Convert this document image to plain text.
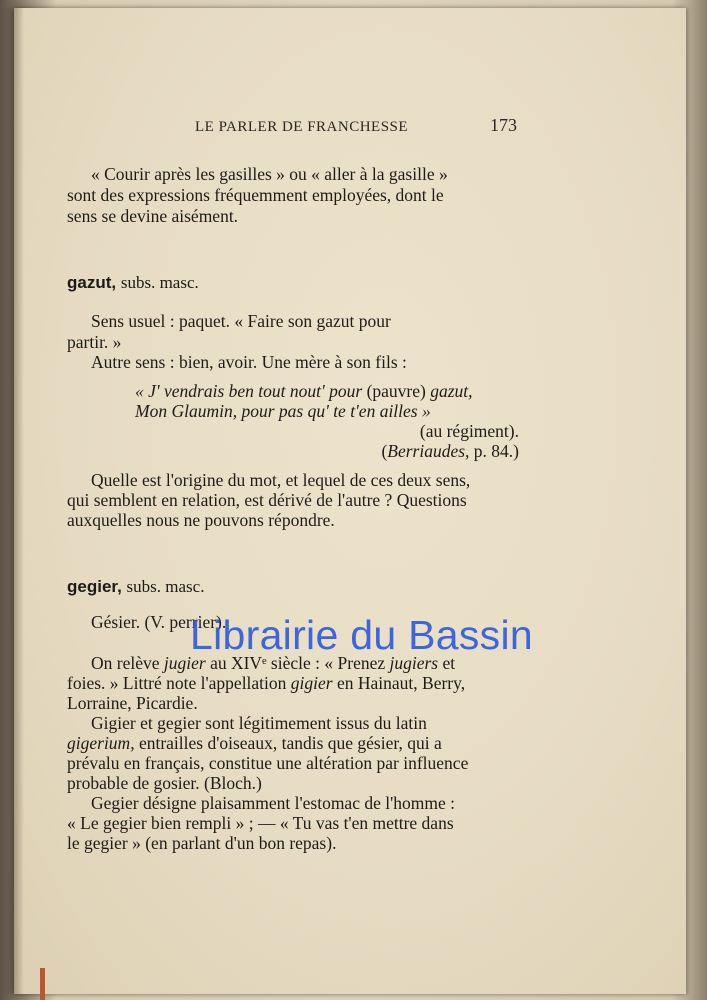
LE PARLER DE FRANCHESSE	173
« Courir après les gasilles » ou « aller à la gasille »
sont des expressions fréquemment employées, dont le
sens se devine aisément.
gazut, subs. masc.
Sens usuel : paquet. « Faire son gazut pour
partir. »
Autre sens : bien, avoir. Une mère à son fils :
« J' vendrais ben tout nout' pour (pauvre) gazut,
Mon Glaumin, pour pas qu' te t'en ailles »
(au régiment).
(Berriaudes, p. 84.)
Quelle est l'origine du mot, et lequel de ces deux sens,
qui semblent en relation, est dérivé de l'autre ? Questions
auxquelles nous ne pouvons répondre.
gegier, subs. masc.
Gésier. (V. perrier).
On relève jugier au XIVᵉ siècle : « Prenez jugiers et
foies. » Littré note l'appellation gigier en Hainaut, Berry,
Lorraine, Picardie.
Gigier et gegier sont légitimement issus du latin
gigerium, entrailles d'oiseaux, tandis que gésier, qui a
prévalu en français, constitue une altération par influence
probable de gosier. (Bloch.)
Gegier désigne plaisamment l'estomac de l'homme :
« Le gegier bien rempli » ; — « Tu vas t'en mettre dans
le gegier » (en parlant d'un bon repas).
Librairie du Bassin
